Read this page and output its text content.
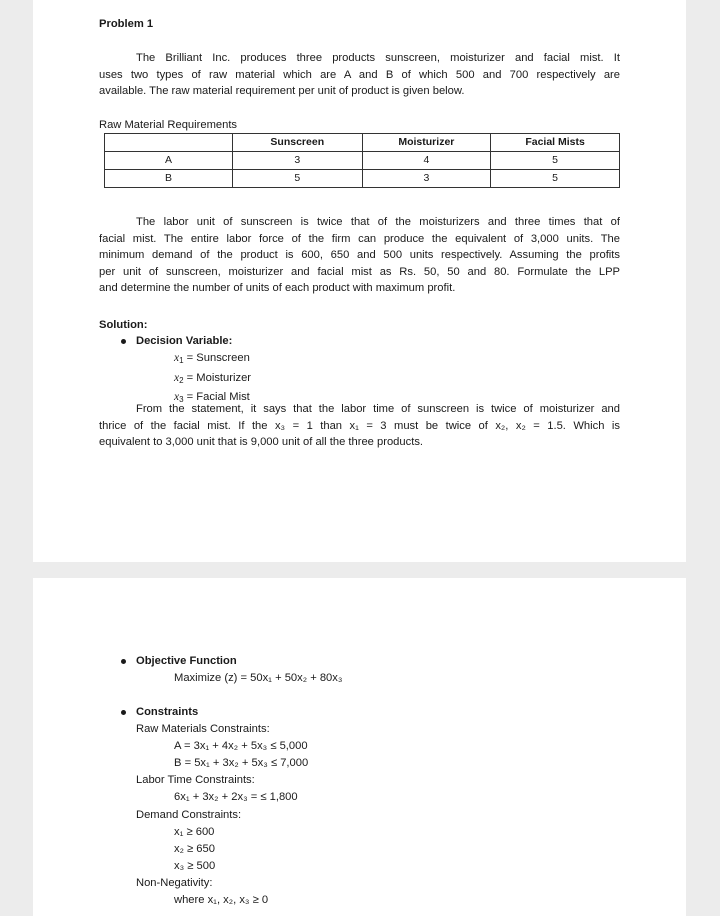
Problem 1
The Brilliant Inc. produces three products sunscreen, moisturizer and facial mist. It
uses two types of raw material which are A and B of which 500 and 700 respectively are
available. The raw material requirement per unit of product is given below.
Raw Material Requirements
	Sunscreen	Moisturizer	Facial Mists
A	3	4	5
B	5	3	5
The labor unit of sunscreen is twice that of the moisturizers and three times that of
facial mist. The entire labor force of the firm can produce the equivalent of 3,000 units. The
minimum demand of the product is 600, 650 and 500 units respectively. Assuming the profits
per unit of sunscreen, moisturizer and facial mist as Rs. 50, 50 and 80. Formulate the LPP
and determine the number of units of each product with maximum profit.
Solution:
Decision Variable:
$x_1$ = Sunscreen
$x_2$ = Moisturizer
$x_3$ = Facial Mist
From the statement, it says that the labor time of sunscreen is twice of moisturizer and
thrice of the facial mist. If the x₃ = 1 than x₁ = 3 must be twice of x₂, x₂ = 1.5. Which is
equivalent to 3,000 unit that is 9,000 unit of all the three products.
Objective Function
Maximize (z) = 50x₁ + 50x₂ + 80x₃
Constraints
Raw Materials Constraints:
A = 3x₁ + 4x₂ + 5x₃ ≤ 5,000
B = 5x₁ + 3x₂ + 5x₃ ≤ 7,000
Labor Time Constraints:
6x₁ + 3x₂ + 2x₃ = ≤ 1,800
Demand Constraints:
x₁ ≥ 600
x₂ ≥ 650
x₃ ≥ 500
Non-Negativity:
where x₁, x₂, x₃ ≥ 0
